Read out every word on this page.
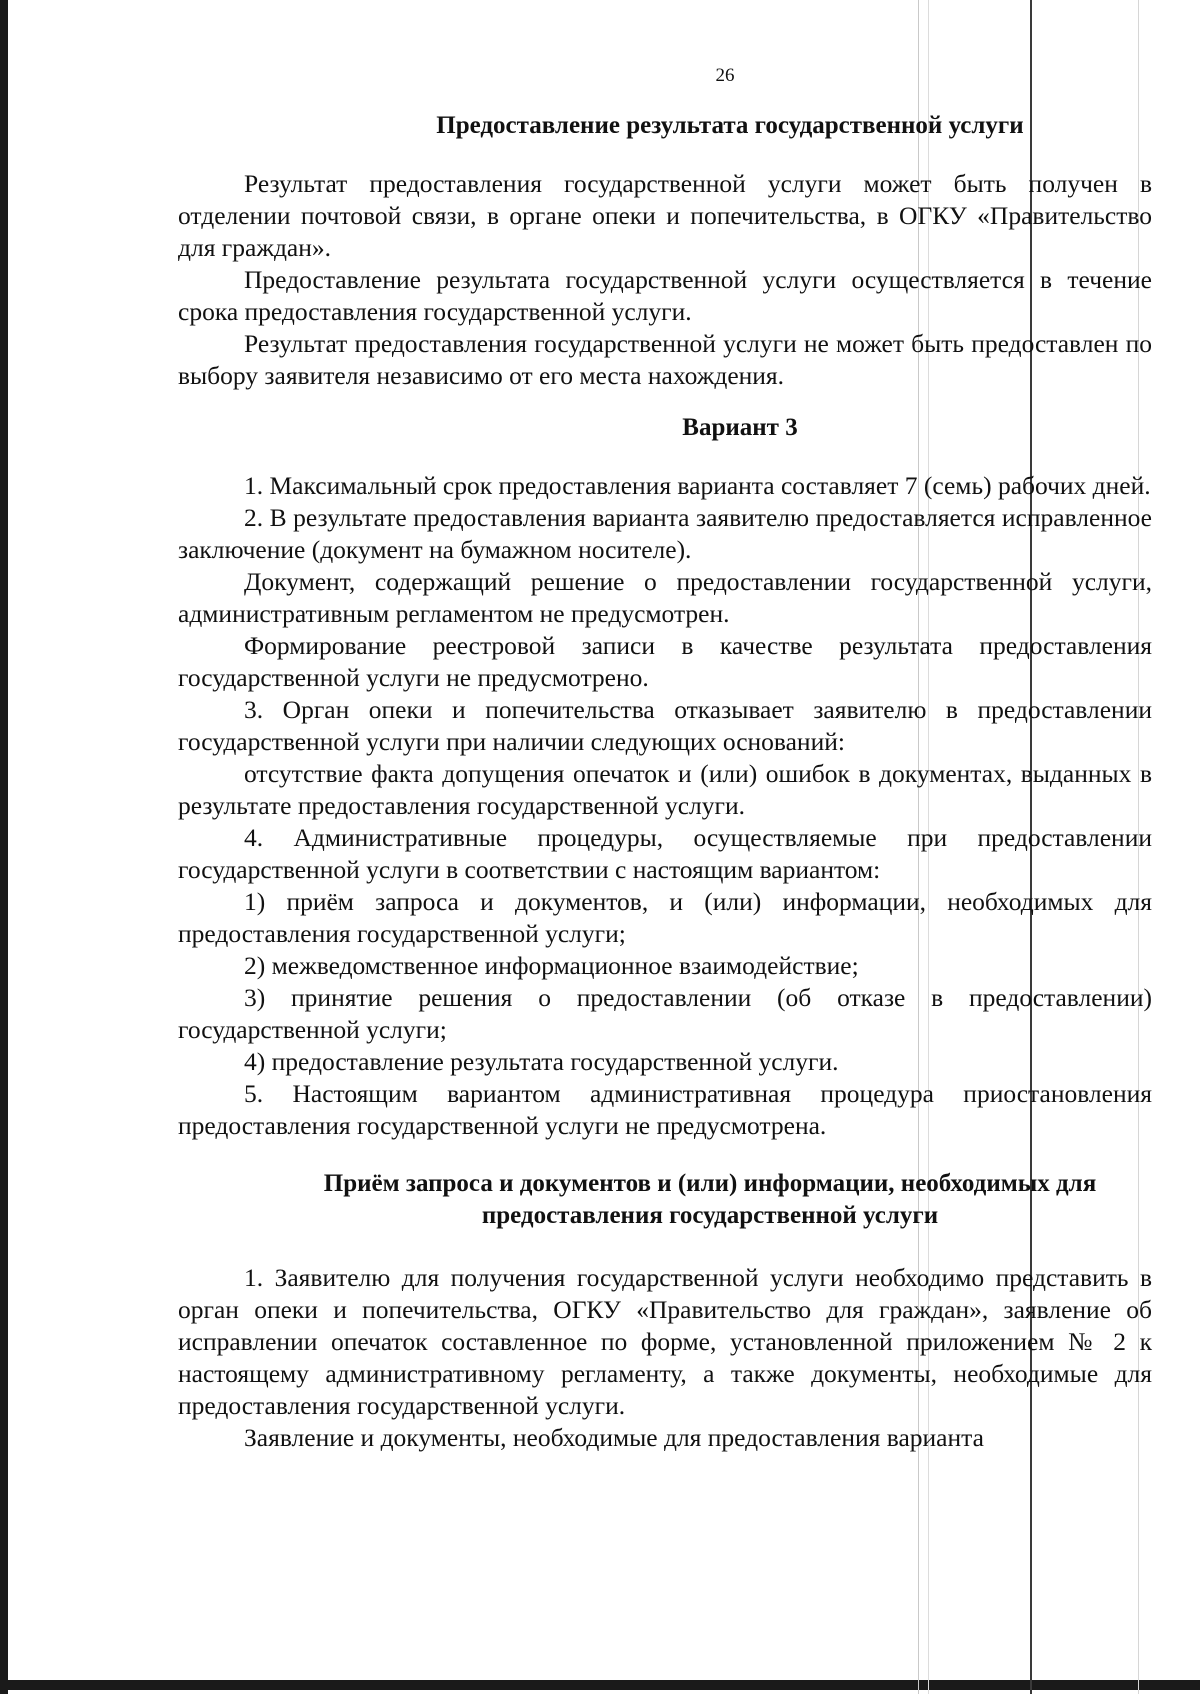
26
Предоставление результата государственной услуги

Результат предоставления государственной услуги может быть получен в отделении почтовой связи, в органе опеки и попечительства, в ОГКУ «Правительство для граждан».

Предоставление результата государственной услуги осуществляется в течение срока предоставления государственной услуги.

Результат предоставления государственной услуги не может быть предоставлен по выбору заявителя независимо от его места нахождения.

Вариант 3

1. Максимальный срок предоставления варианта составляет 7 (семь) рабочих дней.

2. В результате предоставления варианта заявителю предоставляется исправленное заключение (документ на бумажном носителе).

Документ, содержащий решение о предоставлении государственной услуги, административным регламентом не предусмотрен.

Формирование реестровой записи в качестве результата предоставления государственной услуги не предусмотрено.

3. Орган опеки и попечительства отказывает заявителю в предоставлении государственной услуги при наличии следующих оснований:

отсутствие факта допущения опечаток и (или) ошибок в документах, выданных в результате предоставления государственной услуги.

4. Административные процедуры, осуществляемые при предоставлении государственной услуги в соответствии с настоящим вариантом:

1) приём запроса и документов, и (или) информации, необходимых для предоставления государственной услуги;

2) межведомственное информационное взаимодействие;

3) принятие решения о предоставлении (об отказе в предоставлении) государственной услуги;

4) предоставление результата государственной услуги.

5. Настоящим вариантом административная процедура приостановления предоставления государственной услуги не предусмотрена.

Приём запроса и документов и (или) информации, необходимых для предоставления государственной услуги

1. Заявителю для получения государственной услуги необходимо представить в орган опеки и попечительства, ОГКУ «Правительство для граждан», заявление об исправлении опечаток составленное по форме, установленной приложением № 2 к настоящему административному регламенту, а также документы, необходимые для предоставления государственной услуги.

Заявление и документы, необходимые для предоставления варианта
